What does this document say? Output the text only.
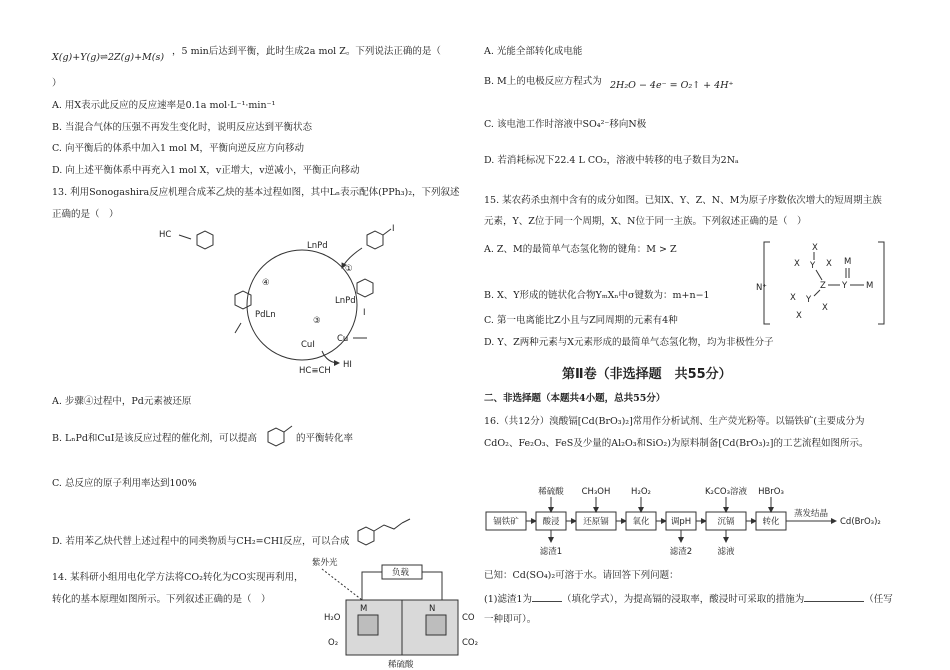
X(g)+Y(g)⇌2Z(g)+M(s)
，5 min后达到平衡，此时生成2a mol Z。下列说法正确的是（
）
A. 用X表示此反应的反应速率是0.1a mol·L⁻¹·min⁻¹
B. 当混合气体的压强不再发生变化时，说明反应达到平衡状态
C. 向平衡后的体系中加入1 mol M，平衡向逆反应方向移动
D. 向上述平衡体系中再充入1 mol X，v正增大，v逆减小，平衡正向移动
13. 利用Sonogashira反应机理合成苯乙炔的基本过程如图，其中Lₙ表示配体(PPh₃)₂，下列叙述
正确的是（　）
HC
LnPd
I
①
④
③
LnPd
I
PdLn
CuI
Cu
HC≡CH
HI
A. 步骤④过程中，Pd元素被还原
B. LₙPd和CuI是该反应过程的催化剂，可以提高	的平衡转化率
C. 总反应的原子利用率达到100%
D. 若用苯乙炔代替上述过程中的同类物质与CH₂=CHI反应，可以合成
14. 某科研小组用电化学方法将CO₂转化为CO实现再利用，
转化的基本原理如图所示。下列叙述正确的是（　）
紫外光
负载
M	N
H₂O
O₂
CO
CO₂
稀硫酸
A. 光能全部转化成电能
B. M上的电极反应方程式为 2H₂O − 4e⁻ = O₂↑ + 4H⁺
C. 该电池工作时溶液中SO₄²⁻移向N极
D. 若消耗标况下22.4 L CO₂，溶液中转移的电子数目为2Nₐ
15. 某农药杀虫剂中含有的成分如图。已知X、Y、Z、N、M为原子序数依次增大的短周期主族
元素，Y、Z位于同一个周期，X、N位于同一主族。下列叙述正确的是（　）
A. Z、M的最简单气态氢化物的键角：M > Z
B. X、Y形成的链状化合物YₘXₙ中σ键数为：m+n−1
C. 第一电离能比Z小且与Z同周期的元素有4种
D. Y、Z两种元素与X元素形成的最简单气态氢化物，均为非极性分子
N⁺
X
X Y X
Z Y
M
M
Y
X
X
X
第Ⅱ卷（非选择题　共55分）
二、非选择题（本题共4小题，总共55分）
16.（共12分）溴酸镉[Cd(BrO₃)₂]常用作分析试剂、生产荧光粉等。以镉铁矿(主要成分为
CdO₂、Fe₂O₃、FeS及少量的Al₂O₃和SiO₂)为原料制备[Cd(BrO₃)₂]的工艺流程如图所示。
镉铁矿	酸浸	还原镉	氧化	调pH	沉镉	转化
稀硫酸 CH₃OH H₂O₂	K₂CO₃溶液 HBrO₃
滤渣1	滤渣2	滤液
蒸发结晶
Cd(BrO₃)₂
已知：Cd(SO₄)₂可溶于水。请回答下列问题：
(1)滤渣1为	（填化学式），为提高镉的浸取率，酸浸时可采取的措施为	（任写
一种即可）。
